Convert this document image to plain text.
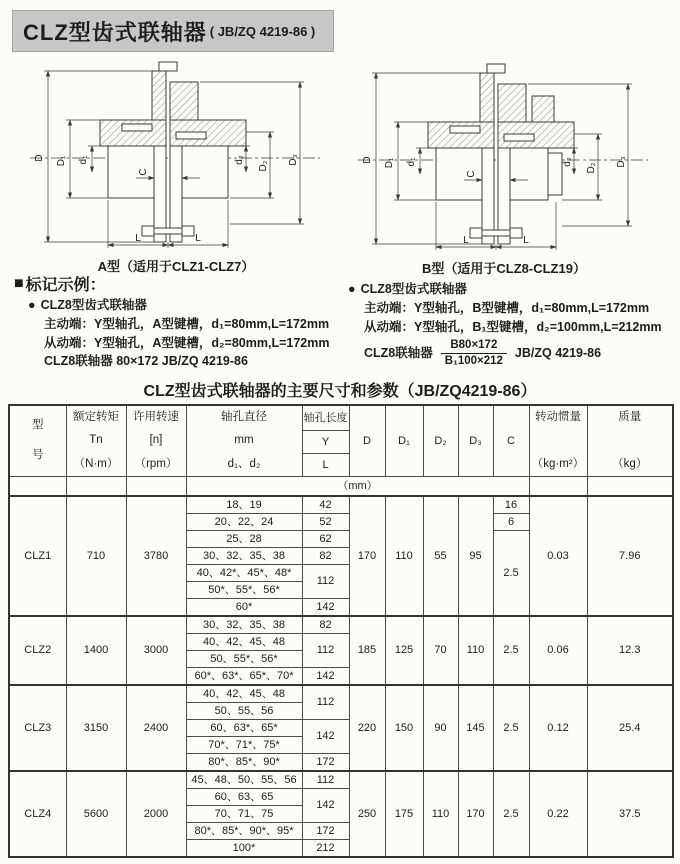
CLZ型齿式联轴器 ( JB/ZQ 4219-86 )
D D₁ d₁
C
d₂
D₂
D₃
L	L
A型（适用于CLZ1-CLZ7）
D D₁ d₁
C
d₂
D₂
D₃
L	L
B型（适用于CLZ8-CLZ19）
■ 标记示例：
● CLZ8型齿式联轴器
主动端：Y型轴孔，A型键槽，d₁=80mm,L=172mm
从动端：Y型轴孔，A型键槽，d₂=80mm,L=172mm
CLZ8联轴器 80×172 JB/ZQ 4219-86
● CLZ8型齿式联轴器
主动端：Y型轴孔，B型键槽，d₁=80mm,L=172mm
从动端：Y型轴孔，B₁型键槽，d₂=100mm,L=212mm
CLZ8联轴器 $\frac{B80\times 172}{\text{B₁100×212}} JB/ZQ$ 4219-86
CLZ型齿式联轴器的主要尺寸和参数（JB/ZQ4219-86）
型
号	额定转矩
Tn
（N·m）	许用转速
[n]
（rpm）	轴孔直径
mm
d₁、d₂	轴孔长度	D	D₁	D₂	D₃	C	转动惯量
（kg·m²）	质量
（kg）

				Y							
				L							
			（mm）								
CLZ1	710	3780	18、19	42	170	110	55	95	16	0.03	7.96
			20、22、24	52					6		
			25、28	62					2.5		
			30、32、35、38	82							
			40、42*、45*、48*	112							
			50*、55*、56*								
			60*	142							
CLZ2	1400	3000	30、32、35、38	82	185	125	70	110	2.5	0.06	12.3
			40、42、45、48	112							
			50、55*、56*								
			60*、63*、65*、70*	142							
CLZ3	3150	2400	40、42、45、48	112	220	150	90	145	2.5	0.12	25.4
			50、55、56								
			60、63*、65*	142							
			70*、71*、75*								
			80*、85*、90*	172							
CLZ4	5600	2000	45、48、50、55、56	112	250	175	110	170	2.5	0.22	37.5
			60、63、65	142							
			70、71、75								
			80*、85*、90*、95*	172							
			100*	212							
